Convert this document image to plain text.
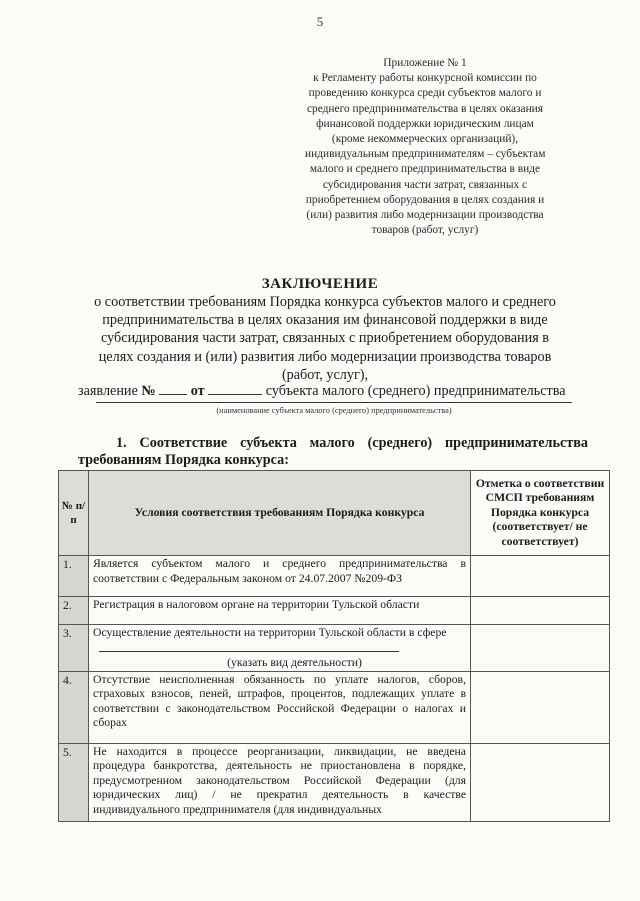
5
Приложение № 1
к Регламенту работы конкурсной комиссии по
проведению конкурса среди субъектов малого и
среднего предпринимательства в целях оказания
финансовой поддержки юридическим лицам
(кроме некоммерческих организаций),
индивидуальным предпринимателям – субъектам
малого и среднего предпринимательства в виде
субсидирования части затрат, связанных с
приобретением оборудования в целях создания и
(или) развития либо модернизации производства
товаров (работ, услуг)
ЗАКЛЮЧЕНИЕ
о соответствии требованиям Порядка конкурса субъектов малого и среднего
предпринимательства в целях оказания им финансовой поддержки в виде
субсидирования части затрат, связанных с приобретением оборудования в
целях создания и (или) развития либо модернизации производства товаров
(работ, услуг),
заявление № от	субъекта малого (среднего) предпринимательства
(наименование субъекта малого (среднего) предпринимательства)
1. Соответствие субъекта малого (среднего) предпринимательства
требованиям Порядка конкурса:
№ п/п	Условия соответствия требованиям Порядка конкурса	Отметка о соответствии СМСП требованиям Порядка конкурса (соответствует/ не соответствует)
1.	Является субъектом малого и среднего предпринимательства в соответствии с Федеральным законом от 24.07.2007 №209-ФЗ	
2.	Регистрация в налоговом органе на территории Тульской области	
3.	Осуществление деятельности на территории Тульской области в сфере
(указать вид деятельности)	

4.	Отсутствие неисполненная обязанность по уплате налогов, сборов, страховых взносов, пеней, штрафов, процентов, подлежащих уплате в соответствии с законодательством Российской Федерации о налогах и сборах	
5.	Не находится в процессе реорганизации, ликвидации, не введена процедура банкротства, деятельность не приостановлена в порядке, предусмотренном законодательством Российской Федерации (для юридических лиц) / не прекратил деятельность в качестве индивидуального предпринимателя (для индивидуальных	
